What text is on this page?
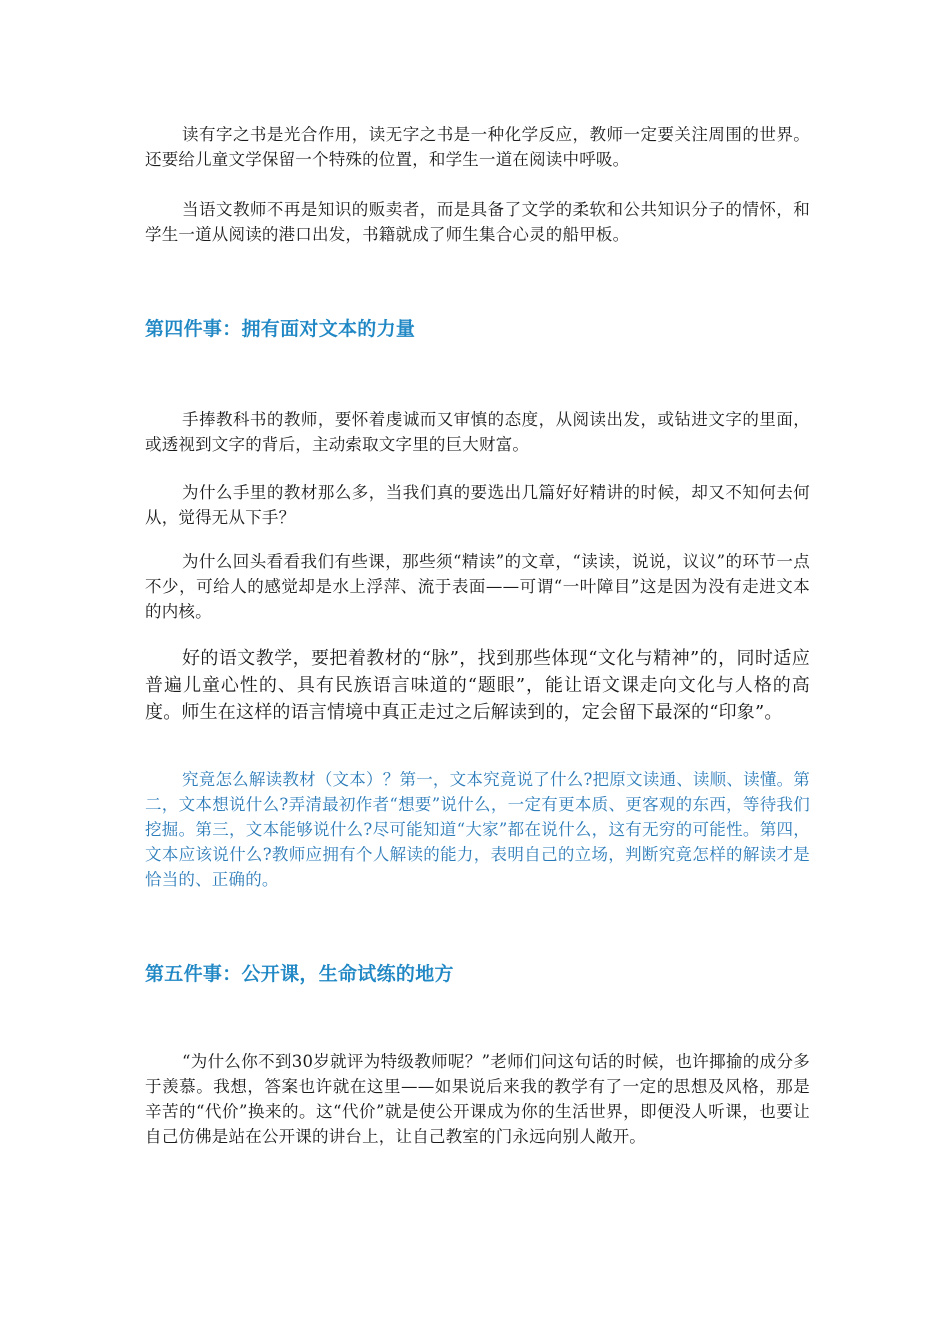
读有字之书是光合作用，读无字之书是一种化学反应，教师一定要关注周围的世界。还要给儿童文学保留一个特殊的位置，和学生一道在阅读中呼吸。

当语文教师不再是知识的贩卖者，而是具备了文学的柔软和公共知识分子的情怀，和学生一道从阅读的港口出发，书籍就成了师生集合心灵的船甲板。

第四件事：拥有面对文本的力量

手捧教科书的教师，要怀着虔诚而又审慎的态度，从阅读出发，或钻进文字的里面，或透视到文字的背后，主动索取文字里的巨大财富。

为什么手里的教材那么多，当我们真的要选出几篇好好精讲的时候，却又不知何去何从，觉得无从下手？

为什么回头看看我们有些课，那些须“精读”的文章，“读读，说说，议议”的环节一点不少，可给人的感觉却是水上浮萍、流于表面——可谓“一叶障目”这是因为没有走进文本的内核。

好的语文教学，要把着教材的“脉”，找到那些体现“文化与精神”的，同时适应普遍儿童心性的、具有民族语言味道的“题眼”，能让语文课走向文化与人格的高度。师生在这样的语言情境中真正走过之后解读到的，定会留下最深的“印象”。

究竟怎么解读教材（文本）？第一，文本究竟说了什么?把原文读通、读顺、读懂。第二，文本想说什么?弄清最初作者“想要”说什么，一定有更本质、更客观的东西，等待我们挖掘。第三，文本能够说什么?尽可能知道“大家”都在说什么，这有无穷的可能性。第四，文本应该说什么?教师应拥有个人解读的能力，表明自己的立场，判断究竟怎样的解读才是恰当的、正确的。

第五件事：公开课，生命试练的地方

“为什么你不到30岁就评为特级教师呢？”老师们问这句话的时候，也许揶揄的成分多于羡慕。我想，答案也许就在这里——如果说后来我的教学有了一定的思想及风格，那是辛苦的“代价”换来的。这“代价”就是使公开课成为你的生活世界，即便没人听课，也要让自己仿佛是站在公开课的讲台上，让自己教室的门永远向别人敞开。
